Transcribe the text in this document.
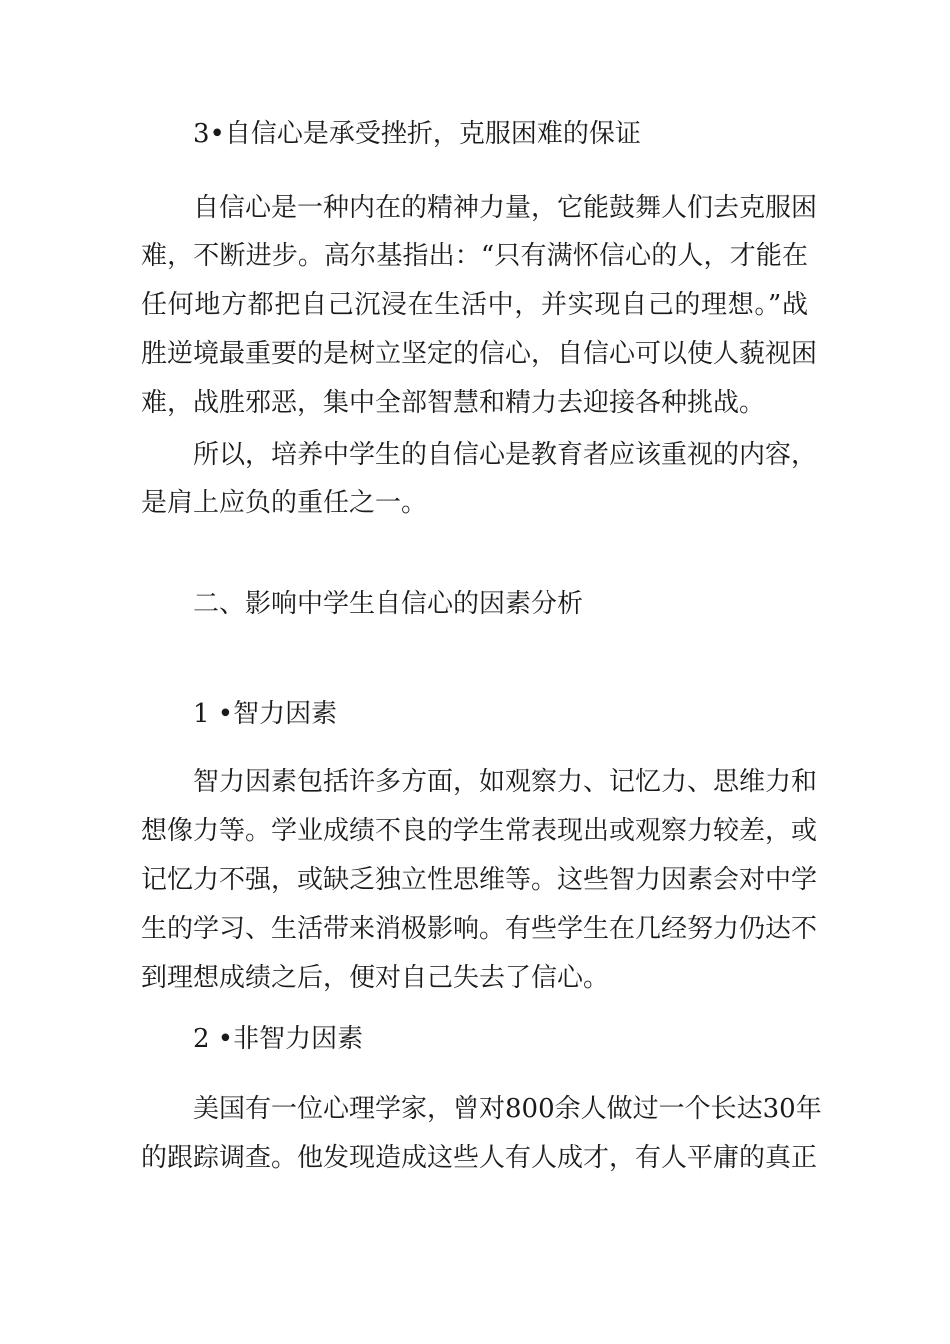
3•自信心是承受挫折，克服困难的保证
自信心是一种内在的精神力量，它能鼓舞人们去克服困
难，不断进步。高尔基指出：“只有满怀信心的人，才能在
任何地方都把自己沉浸在生活中，并实现自己的理想。”战
胜逆境最重要的是树立坚定的信心，自信心可以使人藐视困
难，战胜邪恶，集中全部智慧和精力去迎接各种挑战。
所以，培养中学生的自信心是教育者应该重视的内容，
是肩上应负的重任之一。
二、影响中学生自信心的因素分析
1 •智力因素
智力因素包括许多方面，如观察力、记忆力、思维力和
想像力等。学业成绩不良的学生常表现出或观察力较差，或
记忆力不强，或缺乏独立性思维等。这些智力因素会对中学
生的学习、生活带来消极影响。有些学生在几经努力仍达不
到理想成绩之后，便对自己失去了信心。
2 •非智力因素
美国有一位心理学家，曾对800余人做过一个长达30年
的跟踪调查。他发现造成这些人有人成才，有人平庸的真正
